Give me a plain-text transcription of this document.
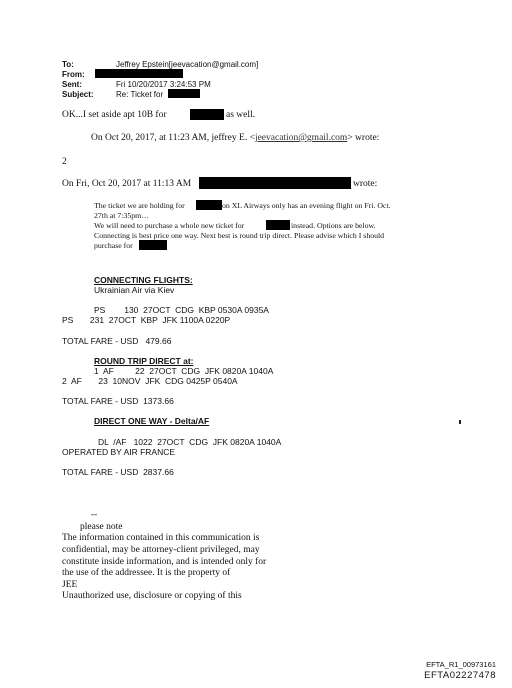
To:	Jeffrey Epstein[jeevacation@gmail.com]
From:
Sent:	Fri 10/20/2017 3:24:53 PM
Subject:	Re: Ticket for
OK...I set aside apt 10B for	as well.
On Oct 20, 2017, at 11:23 AM, jeffrey E. <jeevacation@gmail.com> wrote:
2
On Fri, Oct 20, 2017 at 11:13 AM	wrote:
The ticket we are holding for	on XL Airways only has an evening flight on Fri. Oct.
27th at 7:35pm…
We will need to purchase a whole new ticket for	instead. Options are below.
Connecting is best price one way. Next best is round trip direct. Please advise which I should
purchase for
CONNECTING FLIGHTS:
Ukrainian Air via Kiev
PS        130  27OCT  CDG  KBP 0530A 0935A
PS       231  27OCT  KBP  JFK 1100A 0220P
TOTAL FARE - USD   479.66
ROUND TRIP DIRECT at:
1  AF         22  27OCT  CDG  JFK 0820A 1040A
2  AF       23  10NOV  JFK  CDG 0425P 0540A
TOTAL FARE - USD  1373.66
DIRECT ONE WAY - Delta/AF
DL  /AF   1022  27OCT  CDG  JFK 0820A 1040A
OPERATED BY AIR FRANCE
TOTAL FARE - USD  2837.66
--
please note
The information contained in this communication is
confidential, may be attorney-client privileged, may
constitute inside information, and is intended only for
the use of the addressee. It is the property of
JEE
Unauthorized use, disclosure or copying of this
EFTA_R1_00973161
EFTA02227478
